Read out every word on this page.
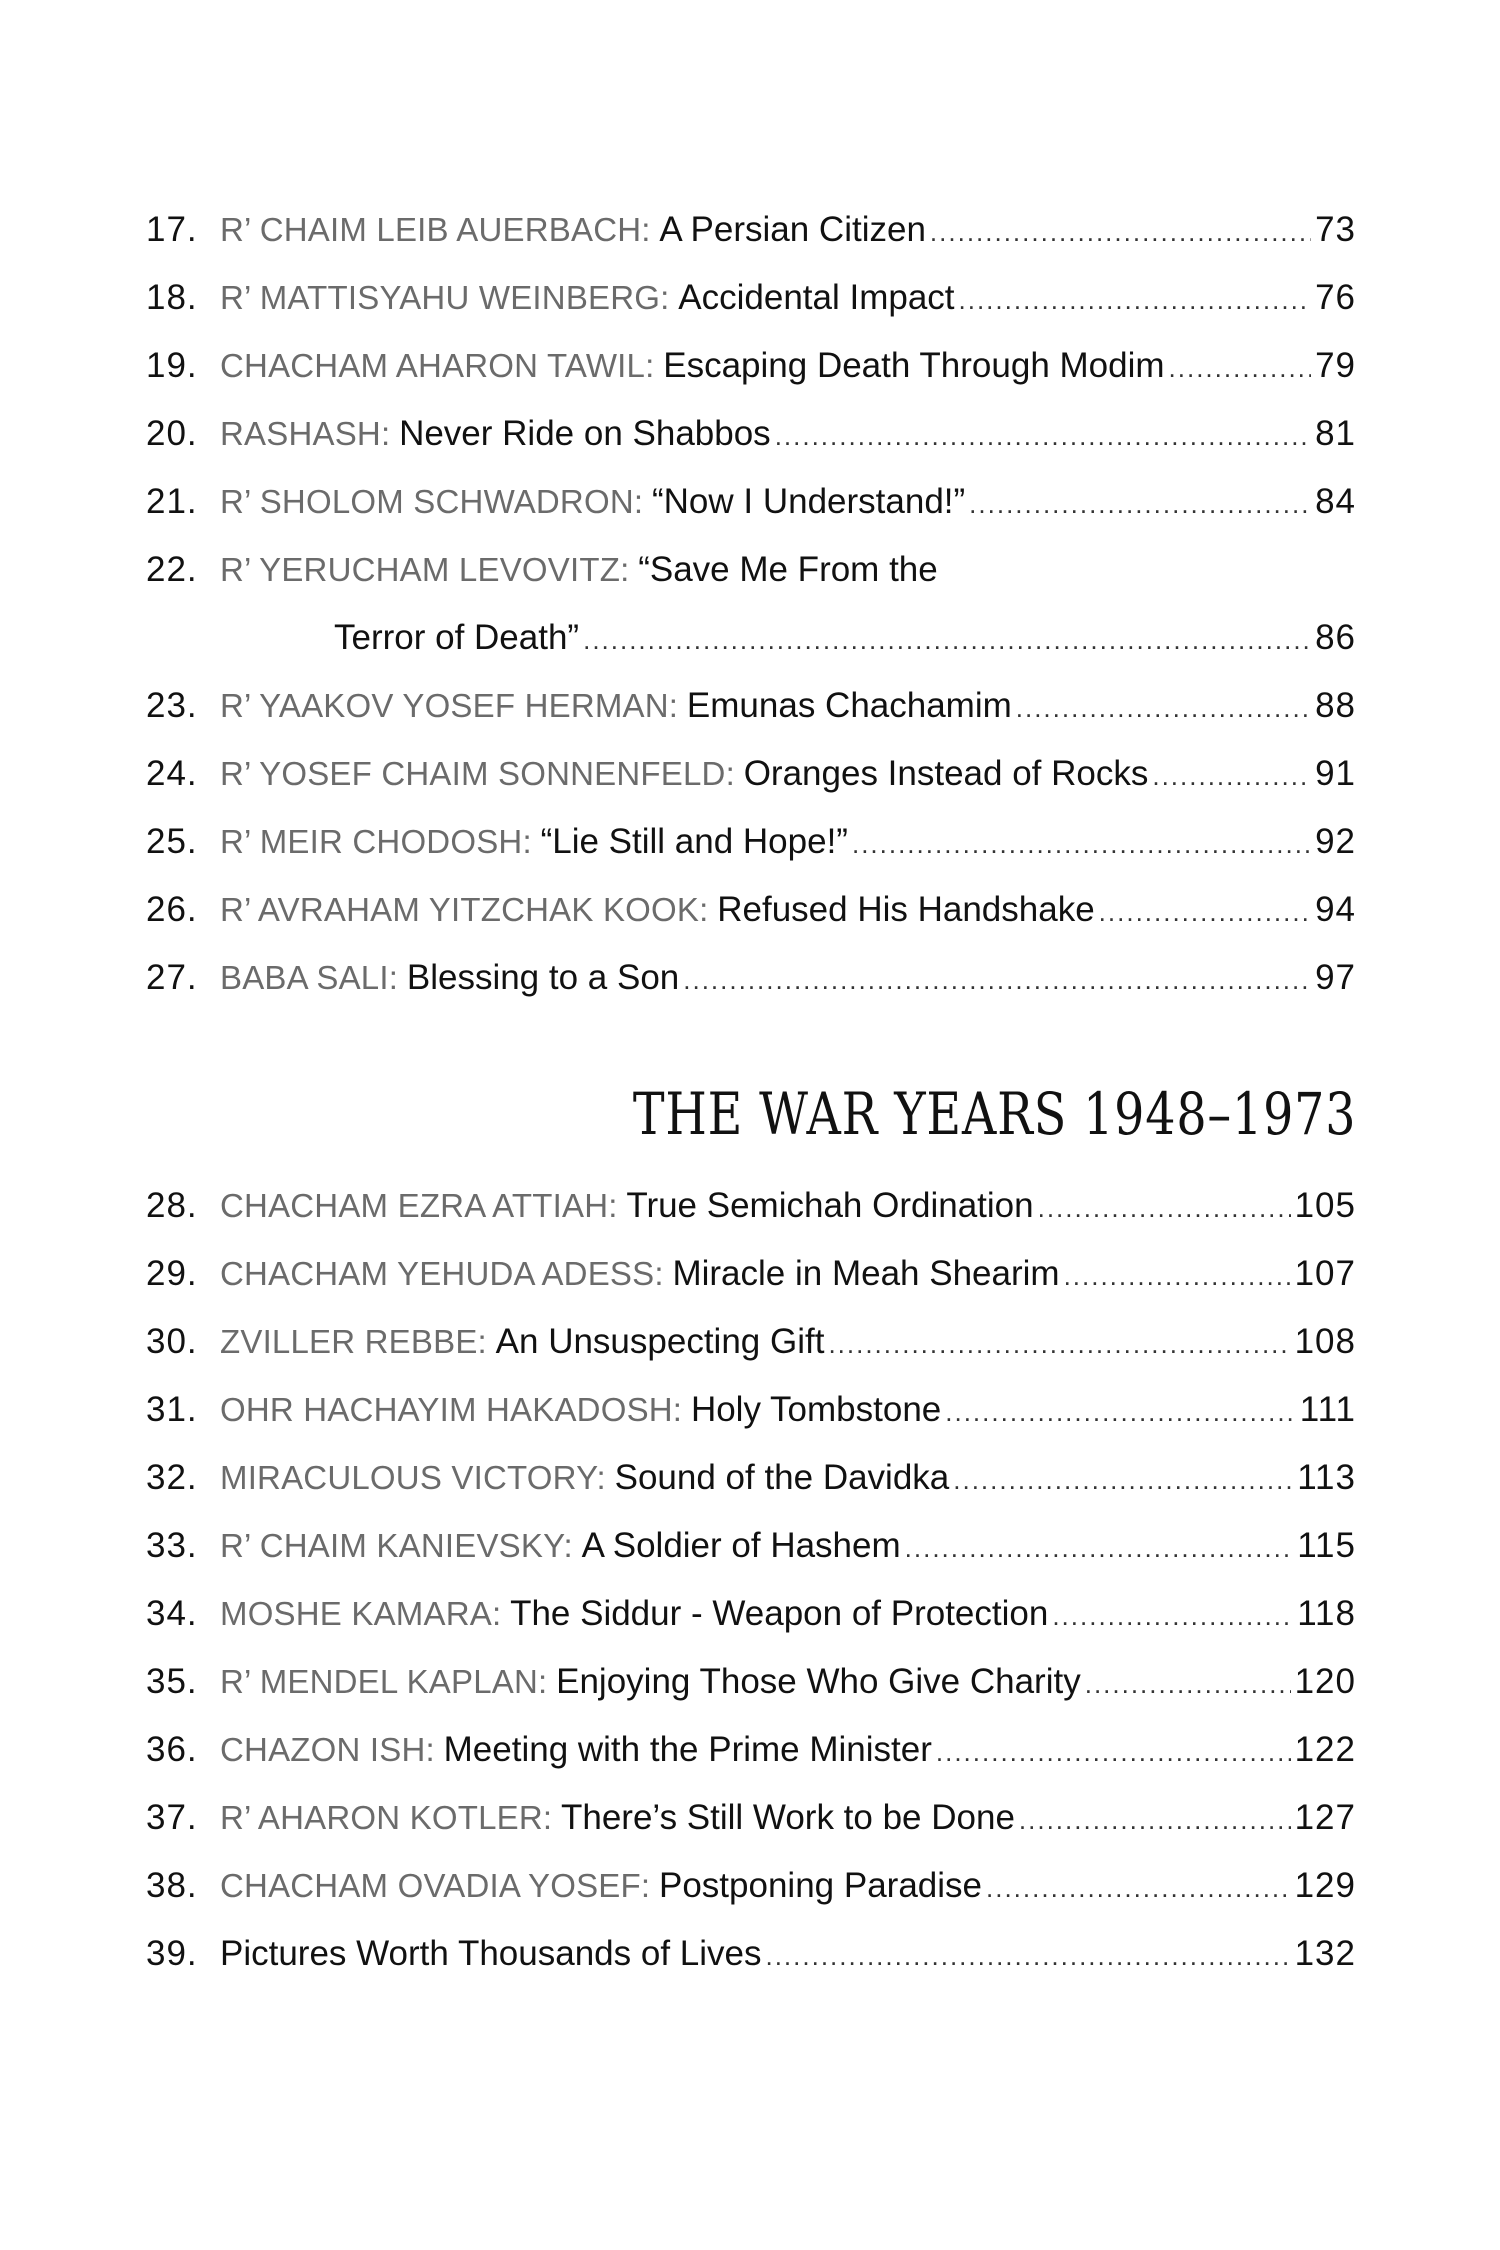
17. R’ CHAIM LEIB AUERBACH:
A Persian Citizen .....	73
18. R’ MATTISYAHU WEINBERG:
Accidental Impact .....	76
19. CHACHAM AHARON TAWIL:
Escaping Death Through Modim .....	79
20. RASHASH:
Never Ride on Shabbos .....	81
21. R’ SHOLOM SCHWADRON:
“Now I Understand!” .....	84
22. R’ YERUCHAM LEVOVITZ:
“Save Me From the
Terror of Death” .....	86
23. R’ YAAKOV YOSEF HERMAN:
Emunas Chachamim .....	88
24. R’ YOSEF CHAIM SONNENFELD:
Oranges Instead of Rocks .....	91
25. R’ MEIR CHODOSH:
“Lie Still and Hope!” .....	92
26. R’ AVRAHAM YITZCHAK KOOK:
Refused His Handshake .....	94
27. BABA SALI:
Blessing to a Son .....	97
THE WAR YEARS 1948–1973
28. CHACHAM EZRA ATTIAH:
True Semichah Ordination .....	105
29. CHACHAM YEHUDA ADESS:
Miracle in Meah Shearim .....	107
30. ZVILLER REBBE:
An Unsuspecting Gift .....	108
31. OHR HACHAYIM HAKADOSH:
Holy Tombstone .....	111
32. MIRACULOUS VICTORY:
Sound of the Davidka .....	113
33. R’ CHAIM KANIEVSKY:
A Soldier of Hashem .....	115
34. MOSHE KAMARA:
The Siddur - Weapon of Protection .....	118
35. R’ MENDEL KAPLAN:
Enjoying Those Who Give Charity .....	120
36. CHAZON ISH:
Meeting with the Prime Minister .....	122
37. R’ AHARON KOTLER:
There’s Still Work to be Done .....	127
38. CHACHAM OVADIA YOSEF:
Postponing Paradise .....	129
39. Pictures Worth Thousands of Lives .....	132
